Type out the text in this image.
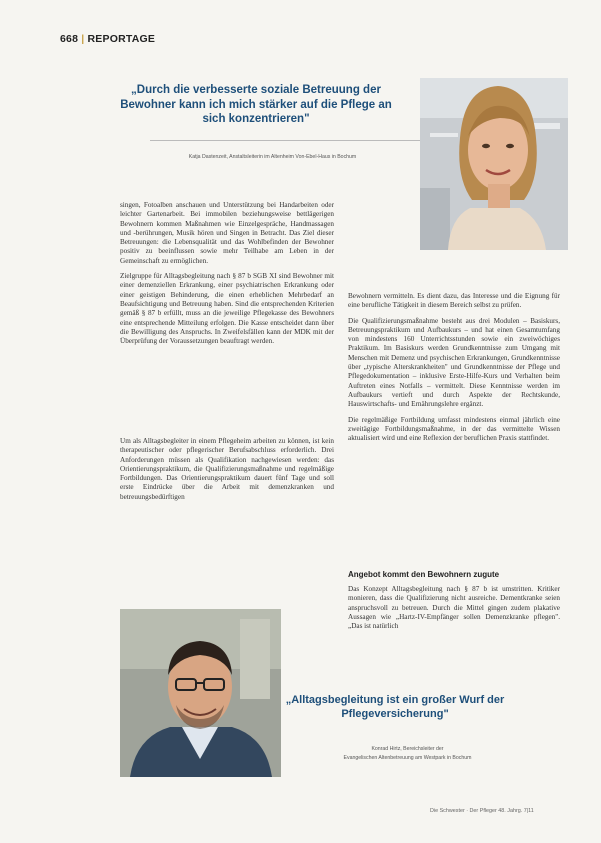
668 | REPORTAGE
„Durch die verbesserte soziale Betreuung der Bewohner kann ich mich stärker auf die Pflege an sich konzentrieren"
Katja Dastenzeit, Anstaltsleiterin im Altenheim Von-Ebel-Haus in Bochum

singen, Fotoalben anschauen und Unterstützung bei Handarbeiten oder leichter Gartenarbeit. Bei immobilen beziehungsweise bettlägerigen Bewohnern kommen Maßnahmen wie Einzelgespräche, Handmassagen und -berührungen, Musik hören und Singen in Betracht. Das Ziel dieser Betreuungen: die Lebensqualität und das Wohlbefinden der Bewohner positiv zu beeinflussen sowie mehr Teilhabe am Leben in der Gemeinschaft zu ermöglichen.

Zielgruppe für Alltagsbegleitung nach § 87 b SGB XI sind Bewohner mit einer demenziellen Erkrankung, einer psychiatrischen Erkrankung oder einer geistigen Behinderung, die einen erheblichen Mehrbedarf an Beaufsichtigung und Betreuung haben. Sind die entsprechenden Kriterien gemäß § 87 b erfüllt, muss an die jeweilige Pflegekasse des Bewohners eine entsprechende Mitteilung erfolgen. Die Kasse entscheidet dann über die Bewilligung des Anspruchs. In Zweifelsfällen kann der MDK mit der Überprüfung der Voraussetzungen beauftragt werden.

Um als Alltagsbegleiter in einem Pflegeheim arbeiten zu können, ist kein therapeutischer oder pflegerischer Berufsabschluss erforderlich. Drei Anforderungen müssen als Qualifikation nachgewiesen werden: das Orientierungspraktikum, die Qualifizierungsmaßnahme und regelmäßige Fortbildungen. Das Orientierungspraktikum dauert fünf Tage und soll erste Eindrücke über die Arbeit mit demenzkranken und betreuungsbedürftigen

Bewohnern vermitteln. Es dient dazu, das Interesse und die Eignung für eine berufliche Tätigkeit in diesem Bereich selbst zu prüfen.

Die Qualifizierungsmaßnahme besteht aus drei Modulen – Basiskurs, Betreuungspraktikum und Aufbaukurs – und hat einen Gesamtumfang von mindestens 160 Unterrichtsstunden sowie ein zweiwöchiges Praktikum. Im Basiskurs werden Grundkenntnisse zum Umgang mit Menschen mit Demenz und psychischen Erkrankungen, Grundkenntnisse über „typische Alterskrankheiten" und Grundkenntnisse der Pflege und Pflegedokumentation – inklusive Erste-Hilfe-Kurs und Verhalten beim Auftreten eines Notfalls – vermittelt. Diese Kenntnisse werden im Aufbaukurs vertieft und durch Aspekte der Rechtskunde, Hauswirtschafts- und Ernährungslehre ergänzt.

Die regelmäßige Fortbildung umfasst mindestens einmal jährlich eine zweitägige Fortbildungsmaßnahme, in der das vermittelte Wissen aktualisiert wird und eine Reflexion der beruflichen Praxis stattfindet.

Angebot kommt den Bewohnern zugute

Das Konzept Alltagsbegleitung nach § 87 b ist umstritten. Kritiker monieren, dass die Qualifizierung nicht ausreiche. Dementkranke seien anspruchsvoll zu betreuen. Durch die Mittel gingen zudem plakative Aussagen wie „Hartz-IV-Empfänger sollen Demenzkranke pflegen". „Das ist natürlich

„Alltagsbegleitung ist ein großer Wurf der Pflegeversicherung"
Konrad Hirtz, Bereichsleiter der
Evangelischen Altenbetreuung am Westpark in Bochum
Die Schwester · Der Pfleger 48. Jahrg. 7|11
